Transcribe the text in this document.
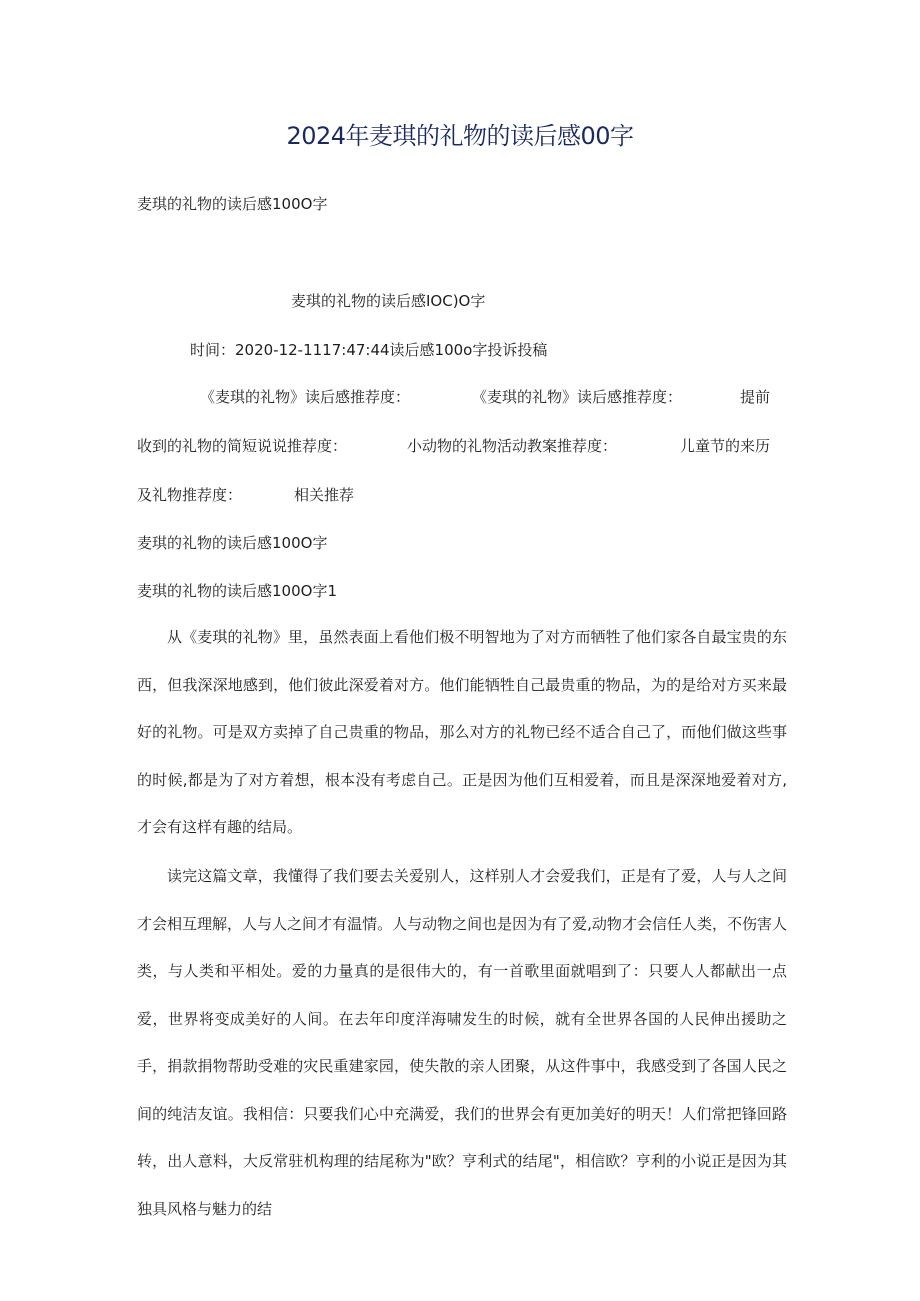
2024年麦琪的礼物的读后感00字
麦琪的礼物的读后感100O字
麦琪的礼物的读后感IOC)O字
时间：2020-12-1117:47:44读后感100o字投诉投稿
《麦琪的礼物》读后感推荐度：	《麦琪的礼物》读后感推荐度：	提前
收到的礼物的简短说说推荐度：	小动物的礼物活动教案推荐度：	儿童节的来历
及礼物推荐度：	相关推荐
麦琪的礼物的读后感100O字
麦琪的礼物的读后感100O字1

从《麦琪的礼物》里，虽然表面上看他们极不明智地为了对方而牺牲了他们家各自最宝贵的东西，但我深深地感到，他们彼此深爱着对方。他们能牺牲自己最贵重的物品，为的是给对方买来最好的礼物。可是双方卖掉了自己贵重的物品，那么对方的礼物已经不适合自己了，而他们做这些事的时候,都是为了对方着想，根本没有考虑自己。正是因为他们互相爱着，而且是深深地爱着对方,才会有这样有趣的结局。

读完这篇文章，我懂得了我们要去关爱别人，这样别人才会爱我们，正是有了爱，人与人之间才会相互理解，人与人之间才有温情。人与动物之间也是因为有了爱,动物才会信任人类，不伤害人类，与人类和平相处。爱的力量真的是很伟大的，有一首歌里面就唱到了：只要人人都献出一点爱，世界将变成美好的人间。在去年印度洋海啸发生的时候，就有全世界各国的人民伸出援助之手，捐款捐物帮助受难的灾民重建家园，使失散的亲人团聚，从这件事中，我感受到了各国人民之间的纯洁友谊。我相信：只要我们心中充满爱，我们的世界会有更加美好的明天！人们常把锋回路转，出人意料，大反常驻机构理的结尾称为"欧？亨利式的结尾"，相信欧？亨利的小说正是因为其独具风格与魅力的结
